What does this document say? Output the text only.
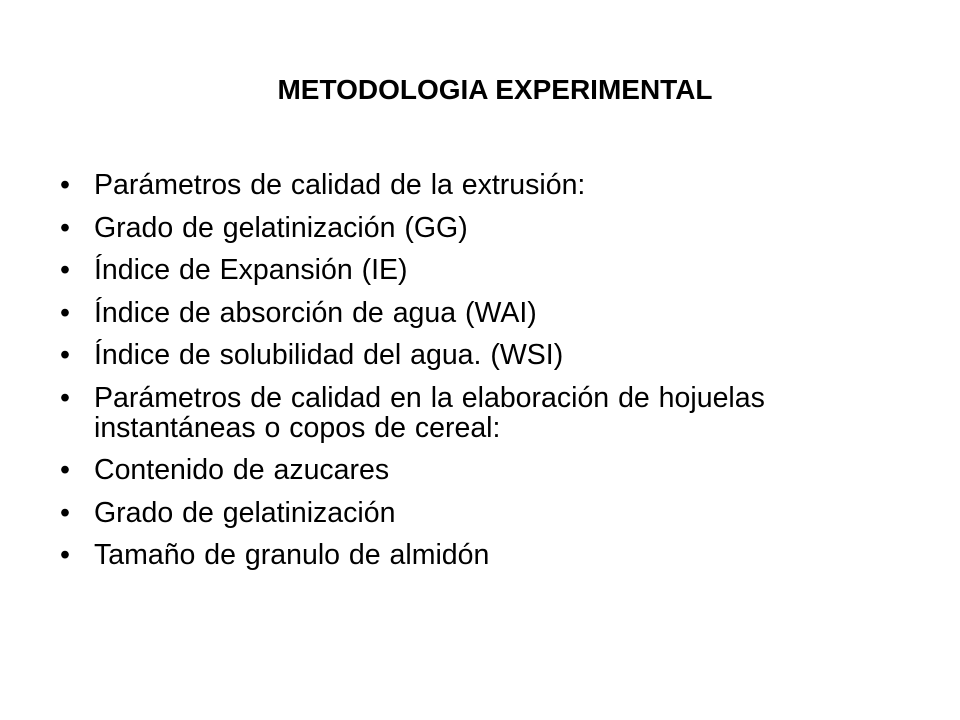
METODOLOGIA EXPERIMENTAL
• Parámetros de calidad de la extrusión:
• Grado de gelatinización (GG)
• Índice de Expansión (IE)
• Índice de absorción de agua (WAI)
• Índice de solubilidad del agua. (WSI)
• Parámetros de calidad en la elaboración de hojuelas instantáneas o copos de cereal:
• Contenido de azucares
• Grado de gelatinización
• Tamaño de granulo de almidón
